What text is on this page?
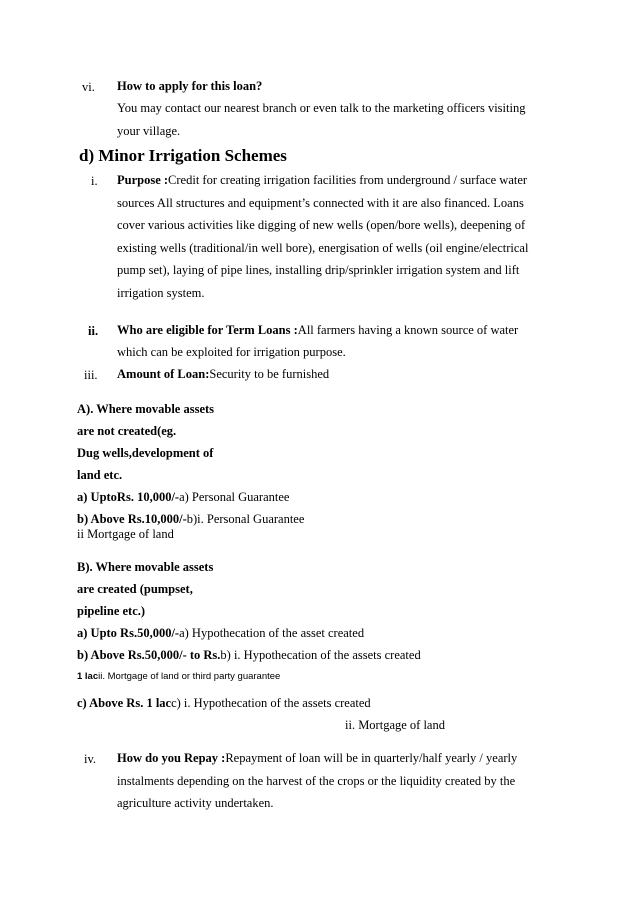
vi. How to apply for this loan?
You may contact our nearest branch or even talk to the marketing officers visiting
your village.
d) Minor Irrigation Schemes
i. Purpose :Credit for creating irrigation facilities from underground / surface water
sources All structures and equipment’s connected with it are also financed. Loans
cover various activities like digging of new wells (open/bore wells), deepening of
existing wells (traditional/in well bore), energisation of wells (oil engine/electrical
pump set), laying of pipe lines, installing drip/sprinkler irrigation system and lift
irrigation system.
ii. Who are eligible for Term Loans :All farmers having a known source of water
which can be exploited for irrigation purpose.
iii. Amount of Loan:Security to be furnished
A). Where movable assets
are not created(eg.
Dug wells,development of
land etc.
a) UptoRs. 10,000/-a) Personal Guarantee
b) Above Rs.10,000/-b)i. Personal Guarantee
ii Mortgage of land
B). Where movable assets
are created (pumpset,
pipeline etc.)
a) Upto Rs.50,000/-a) Hypothecation of the asset created
b) Above Rs.50,000/- to Rs.b) i. Hypothecation of the assets created
1 lacii. Mortgage of land or third party guarantee
c) Above Rs. 1 lacc) i. Hypothecation of the assets created
ii. Mortgage of land
iv. How do you Repay :Repayment of loan will be in quarterly/half yearly / yearly
instalments depending on the harvest of the crops or the liquidity created by the
agriculture activity undertaken.
